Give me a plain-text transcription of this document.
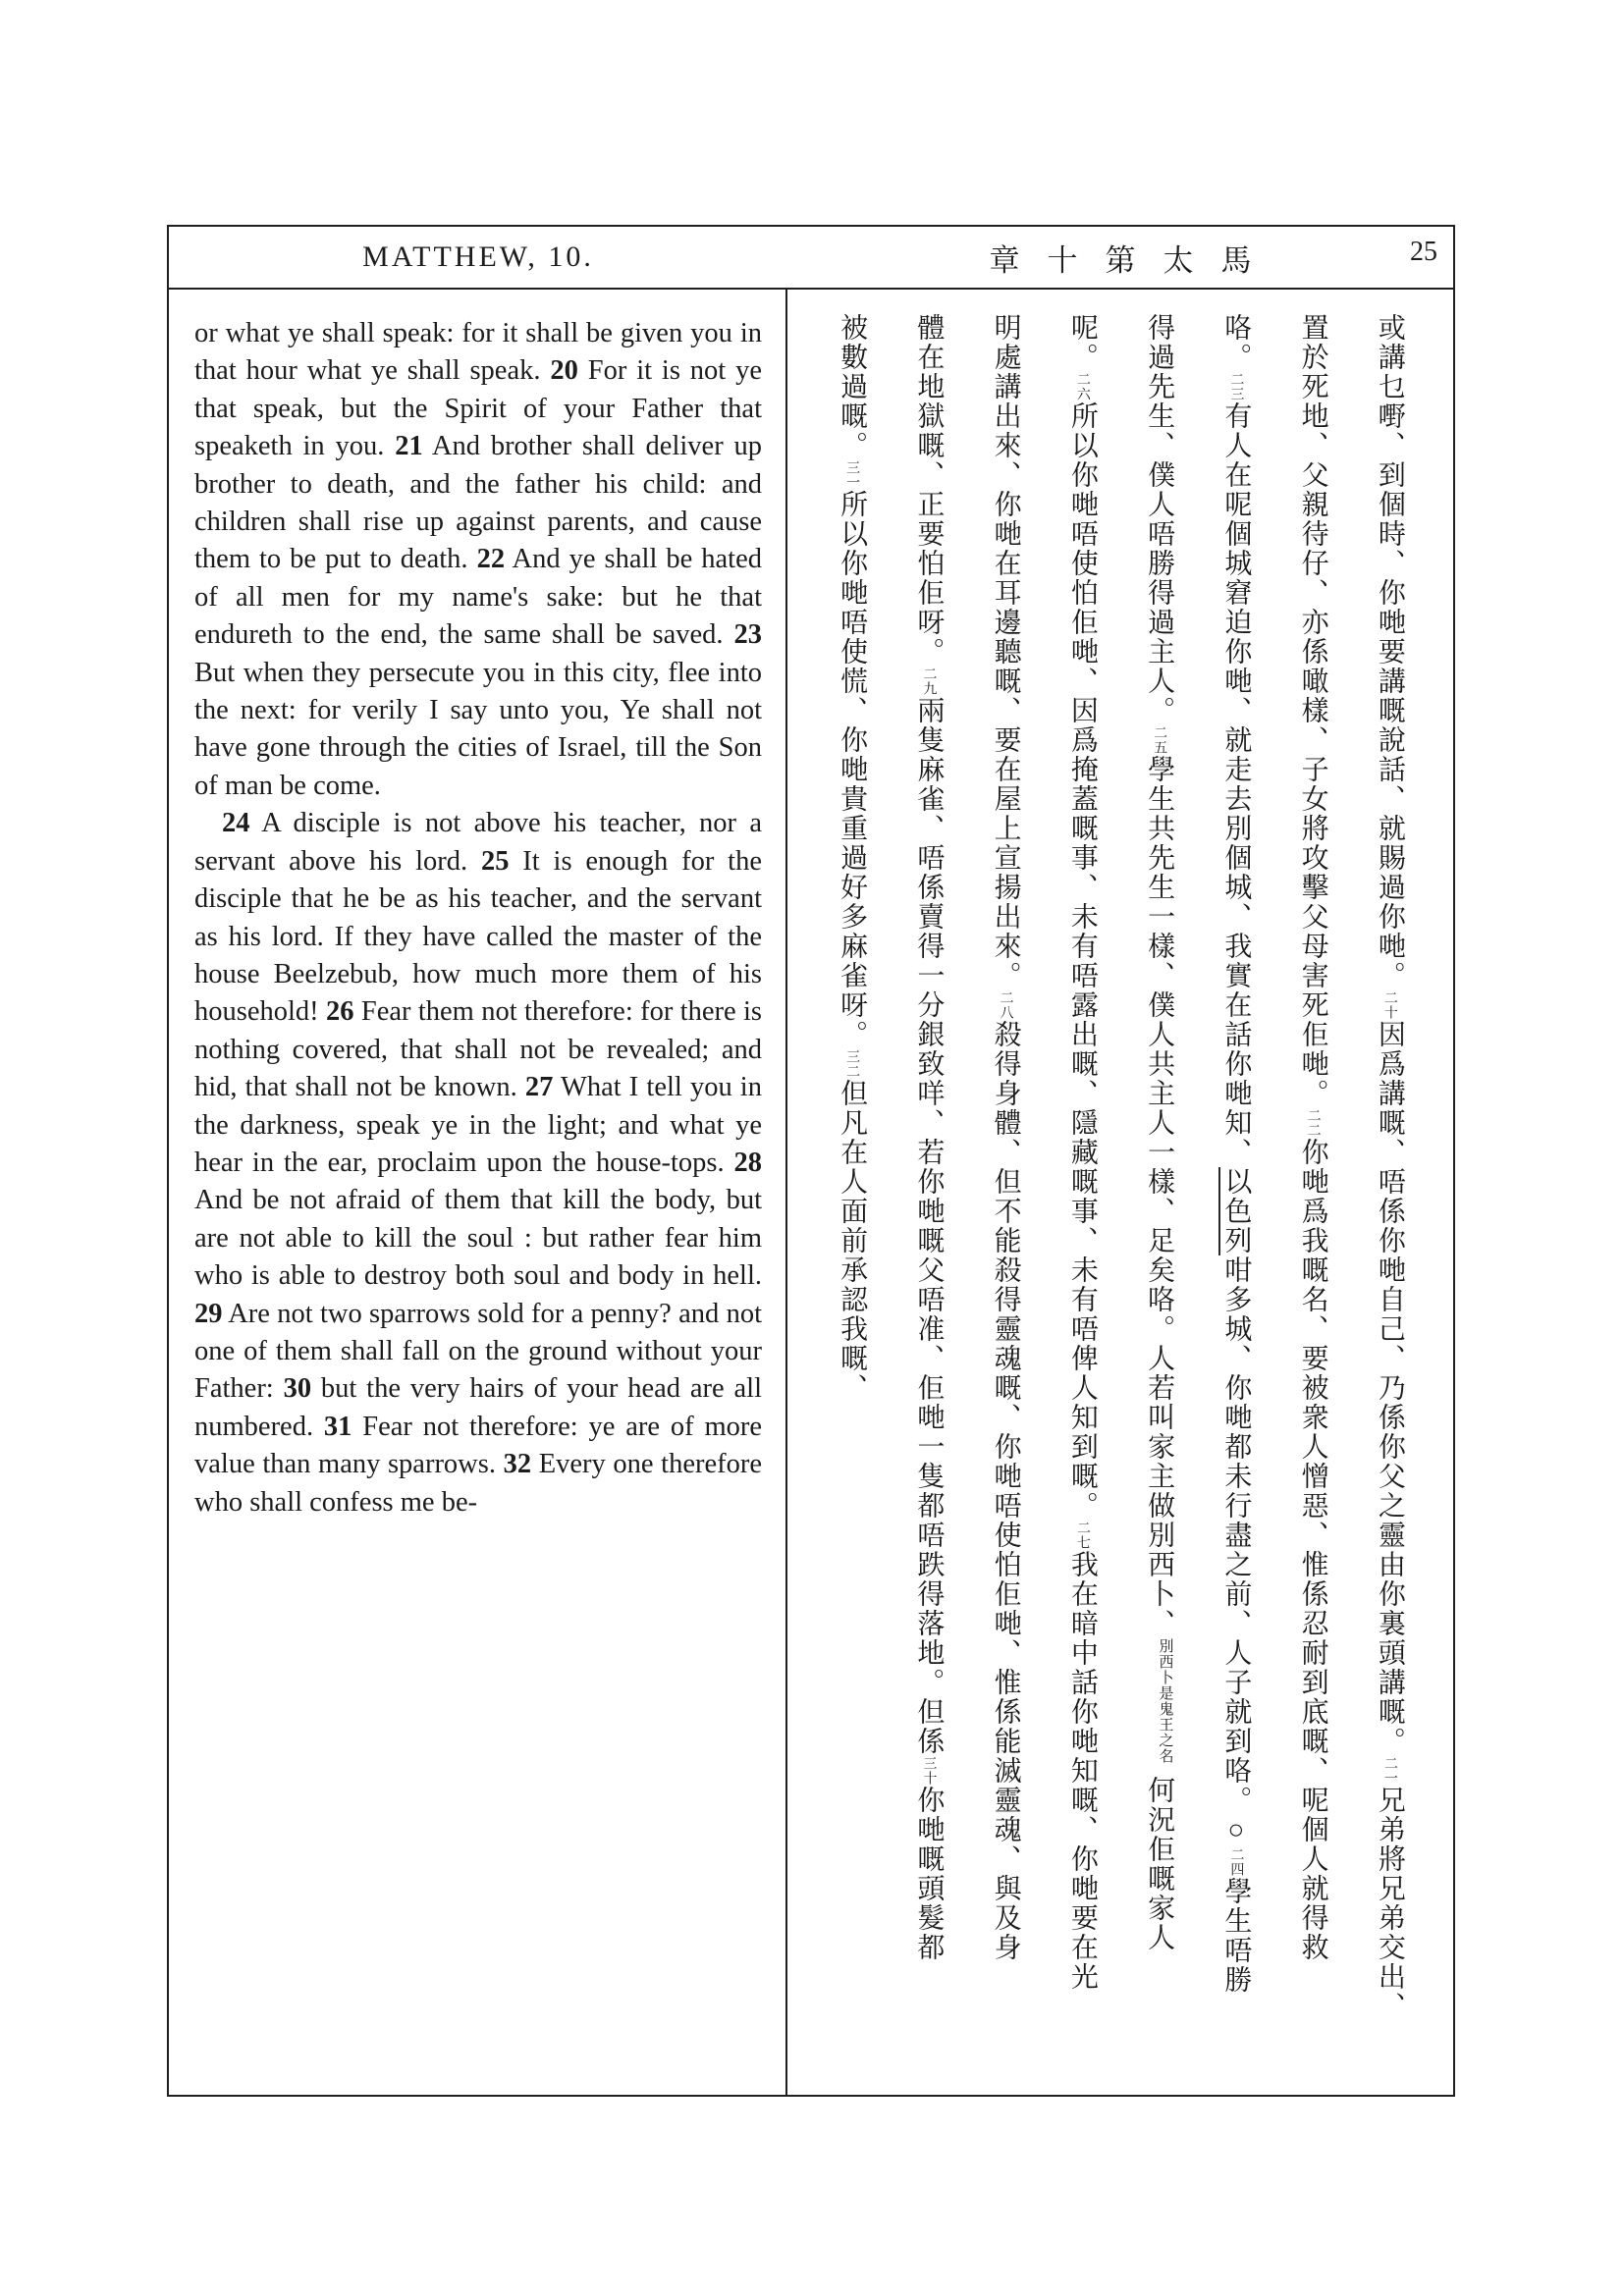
MATTHEW, 10.	章十第太馬	25

or what ye shall speak: for it shall be given you in that hour what ye shall speak. 20 For it is not ye that speak, but the Spirit of your Father that speaketh in you. 21 And brother shall deliver up brother to death, and the father his child: and children shall rise up against parents, and cause them to be put to death. 22 And ye shall be hated of all men for my name's sake: but he that endureth to the end, the same shall be saved. 23 But when they persecute you in this city, flee into the next: for verily I say unto you, Ye shall not have gone through the cities of Israel, till the Son of man be come.

24 A disciple is not above his teacher, nor a servant above his lord. 25 It is enough for the disciple that he be as his teacher, and the servant as his lord. If they have called the master of the house Beelzebub, how much more them of his household! 26 Fear them not therefore: for there is nothing covered, that shall not be revealed; and hid, that shall not be known. 27 What I tell you in the darkness, speak ye in the light; and what ye hear in the ear, proclaim upon the house-tops. 28 And be not afraid of them that kill the body, but are not able to kill the soul : but rather fear him who is able to destroy both soul and body in hell. 29 Are not two sparrows sold for a penny? and not one of them shall fall on the ground without your Father: 30 but the very hairs of your head are all numbered. 31 Fear not therefore: ye are of more value than many sparrows. 32 Every one therefore who shall confess me be-

或講乜嘢、到個時、你哋要講嘅說話、就賜過你哋。二十因爲講嘅、唔係你哋自己、乃係你父之靈由你裏頭講嘅。二一兄弟將兄弟交出、
置於死地、父親待仔、亦係噉樣、子女將攻擊父母害死佢哋。二二你哋爲我嘅名、要被衆人憎惡、惟係忍耐到底嘅、呢個人就得救
咯。二三有人在呢個城窘迫你哋、就走去別個城、我實在話你哋知、以色列咁多城、你哋都未行盡之前、人子就到咯。○二四學生唔勝
得過先生、僕人唔勝得過主人。二五學生共先生一樣、僕人共主人一樣、足矣咯。人若叫家主做別西卜、別西卜是鬼王之名何況佢嘅家人
呢。二六所以你哋唔使怕佢哋、因爲掩蓋嘅事、未有唔露出嘅、隱藏嘅事、未有唔俾人知到嘅。二七我在暗中話你哋知嘅、你哋要在光
明處講出來、你哋在耳邊聽嘅、要在屋上宣揚出來。二八殺得身體、但不能殺得靈魂嘅、你哋唔使怕佢哋、惟係能滅靈魂、與及身
體在地獄嘅、正要怕佢呀。二九兩隻麻雀、唔係賣得一分銀致咩、若你哋嘅父唔准、佢哋一隻都唔跌得落地。但係三十你哋嘅頭髮都
被數過嘅。三一所以你哋唔使慌、你哋貴重過好多麻雀呀。三二但凡在人面前承認我嘅、
